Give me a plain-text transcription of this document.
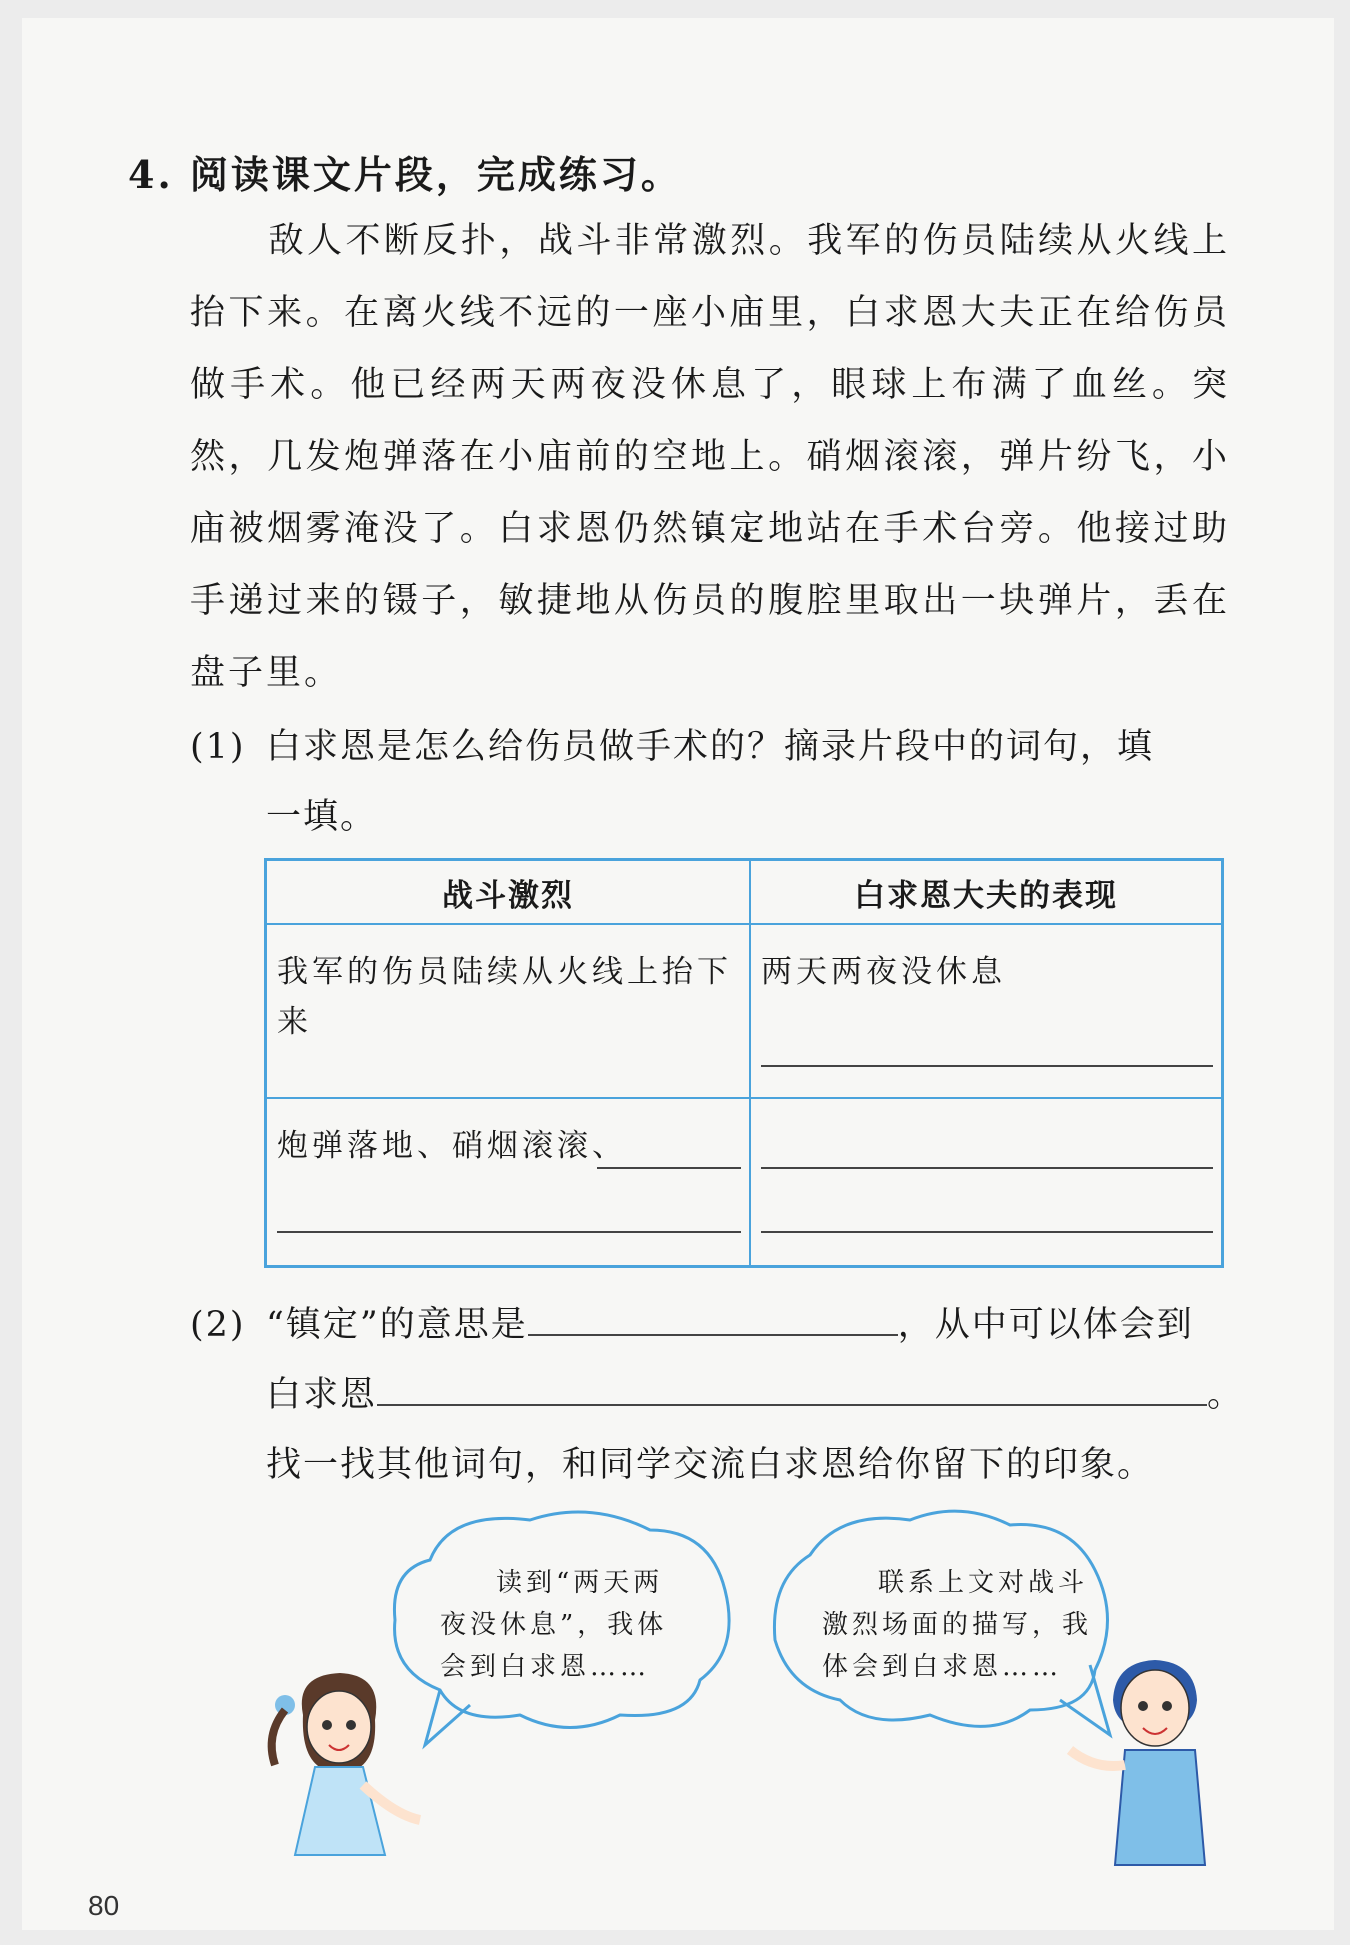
4. 阅读课文片段，完成练习。
敌人不断反扑，战斗非常激烈。我军的伤员陆续从火线上抬下来。在离火线不远的一座小庙里，白求恩大夫正在给伤员做手术。他已经两天两夜没休息了，眼球上布满了血丝。突然，几发炮弹落在小庙前的空地上。硝烟滚滚，弹片纷飞，小庙被烟雾淹没了。白求恩仍然镇 •定 •地站在手术台旁。他接过助手递过来的镊子，敏捷地从伤员的腹腔里取出一块弹片，丢在盘子里。
(1) 白求恩是怎么给伤员做手术的？摘录片段中的词句，填
一填。
战斗激烈	白求恩大夫的表现

我军的伤员陆续从火线上抬下来	两天两夜没休息

炮弹落地、硝烟滚滚、	

(2) “镇定”的意思是	，从中可以体会到
白求恩	。
找一找其他词句，和同学交流白求恩给你留下的印象。
读到“两天两夜没休息”，我体会到白求恩……
联系上文对战斗激烈场面的描写，我体会到白求恩……
80
